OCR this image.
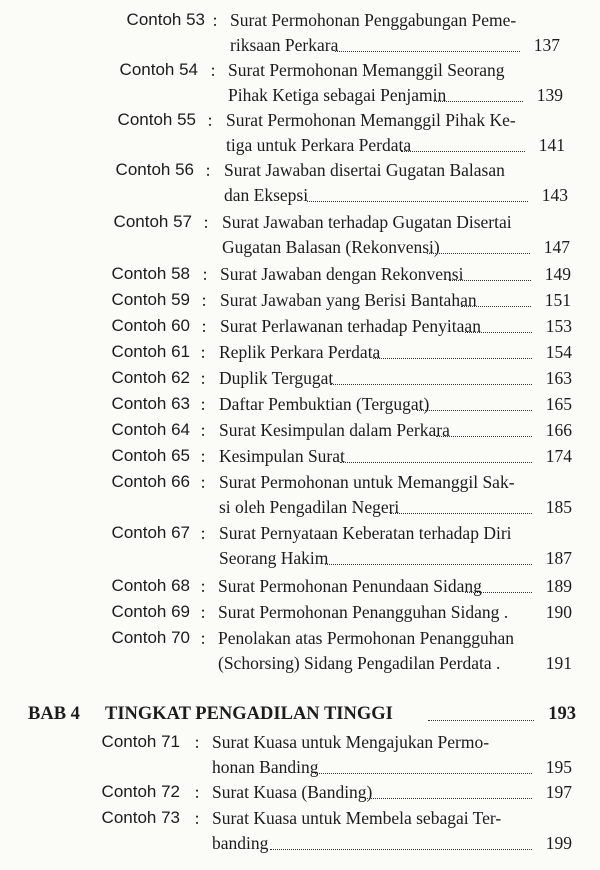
Contoh 53 : Surat Permohonan Penggabungan Peme-
riksaan Perkara	137
Contoh 54 : Surat Permohonan Memanggil Seorang
Pihak Ketiga sebagai Penjamin	139
Contoh 55 : Surat Permohonan Memanggil Pihak Ke-
tiga untuk Perkara Perdata	141
Contoh 56 : Surat Jawaban disertai Gugatan Balasan
dan Eksepsi	143
Contoh 57 : Surat Jawaban terhadap Gugatan Disertai
Gugatan Balasan (Rekonvensi)	147
Contoh 58 : Surat Jawaban dengan Rekonvensi	149
Contoh 59 : Surat Jawaban yang Berisi Bantahan	151
Contoh 60 : Surat Perlawanan terhadap Penyitaan	153
Contoh 61 : Replik Perkara Perdata	154
Contoh 62 : Duplik Tergugat	163
Contoh 63 : Daftar Pembuktian (Tergugat)	165
Contoh 64 : Surat Kesimpulan dalam Perkara	166
Contoh 65 : Kesimpulan Surat	174
Contoh 66 : Surat Permohonan untuk Memanggil Sak-
si oleh Pengadilan Negeri	185
Contoh 67 : Surat Pernyataan Keberatan terhadap Diri
Seorang Hakim	187
Contoh 68 : Surat Permohonan Penundaan Sidang	189
Contoh 69 : Surat Permohonan Penangguhan Sidang . 190
Contoh 70 : Penolakan atas Permohonan Penangguhan
(Schorsing) Sidang Pengadilan Perdata .	191
BAB 4 TINGKAT PENGADILAN TINGGI	193
Contoh 71 : Surat Kuasa untuk Mengajukan Permo-
honan Banding	195
Contoh 72 : Surat Kuasa (Banding)	197
Contoh 73 : Surat Kuasa untuk Membela sebagai Ter-
banding	199
